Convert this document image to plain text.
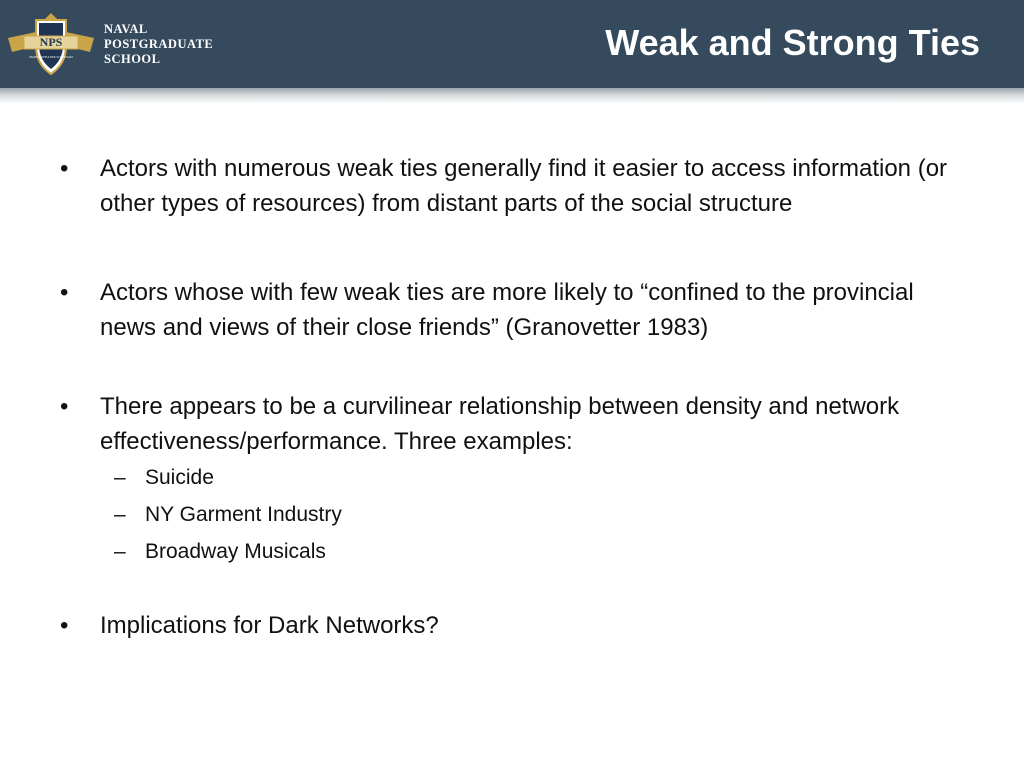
NPS
PRAESTANTIA PER SCIENTIAM
NAVAL
POSTGRADUATE
SCHOOL	Weak and Strong Ties
•	Actors with numerous weak ties generally find it easier to access information (or other types of resources) from distant parts of the social structure
•	Actors whose with few weak ties are more likely to “confined to the provincial news and views of their close friends” (Granovetter 1983)
•	There appears to be a curvilinear relationship between density and network effectiveness/performance. Three examples:
– Suicide
– NY Garment Industry
– Broadway Musicals
•	Implications for Dark Networks?
